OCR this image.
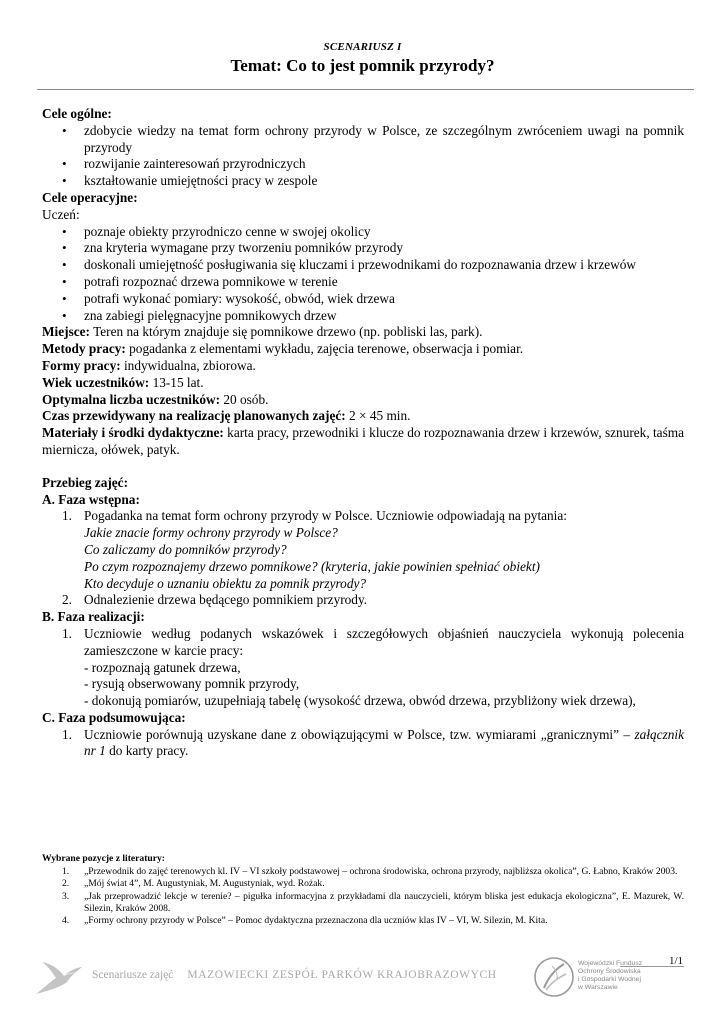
SCENARIUSZ I
Temat: Co to jest pomnik przyrody?

Cele ogólne:

• zdobycie wiedzy na temat form ochrony przyrody w Polsce, ze szczególnym zwróceniem uwagi na pomnik przyrody
• rozwijanie zainteresowań przyrodniczych
• kształtowanie umiejętności pracy w zespole

Cele operacyjne:

Uczeń:

• poznaje obiekty przyrodniczo cenne w swojej okolicy
• zna kryteria wymagane przy tworzeniu pomników przyrody
• doskonali umiejętność posługiwania się kluczami i przewodnikami do rozpoznawania drzew i krzewów
• potrafi rozpoznać drzewa pomnikowe w terenie
• potrafi wykonać pomiary: wysokość, obwód, wiek drzewa
• zna zabiegi pielęgnacyjne pomnikowych drzew

Miejsce: Teren na którym znajduje się pomnikowe drzewo (np. pobliski las, park).

Metody pracy: pogadanka z elementami wykładu, zajęcia terenowe, obserwacja i pomiar.

Formy pracy: indywidualna, zbiorowa.

Wiek uczestników: 13-15 lat.

Optymalna liczba uczestników: 20 osób.

Czas przewidywany na realizację planowanych zajęć: 2 × 45 min.

Materiały i środki dydaktyczne: karta pracy, przewodniki i klucze do rozpoznawania drzew i krzewów, sznurek, taśma miernicza, ołówek, patyk.

Przebieg zajęć:

A. Faza wstępna:

1. Pogadanka na temat form ochrony przyrody w Polsce. Uczniowie odpowiadają na pytania:

Jakie znacie formy ochrony przyrody w Polsce?

Co zaliczamy do pomników przyrody?

Po czym rozpoznajemy drzewo pomnikowe? (kryteria, jakie powinien spełniać obiekt)

Kto decyduje o uznaniu obiektu za pomnik przyrody?

2. Odnalezienie drzewa będącego pomnikiem przyrody.

B. Faza realizacji:

1. Uczniowie według podanych wskazówek i szczegółowych objaśnień nauczyciela wykonują polecenia zamieszczone w karcie pracy:

- rozpoznają gatunek drzewa,

- rysują obserwowany pomnik przyrody,

- dokonują pomiarów, uzupełniają tabelę (wysokość drzewa, obwód drzewa, przybliżony wiek drzewa),

C. Faza podsumowująca:

1. Uczniowie porównują uzyskane dane z obowiązującymi w Polsce, tzw. wymiarami „granicznymi” – załącznik nr 1 do karty pracy.
Wybrane pozycje z literatury:
1. „Przewodnik do zajęć terenowych kl. IV – VI szkoły podstawowej – ochrona środowiska, ochrona przyrody, najbliższa okolica”, G. Łabno, Kraków 2003.
2. „Mój świat 4”, M. Augustyniak, M. Augustyniak, wyd. Rożak.
3. „Jak przeprowadzić lekcje w terenie? – pigułka informacyjna z przykładami dla nauczycieli, którym bliska jest edukacja ekologiczna”, E. Mazurek, W. Silezin, Kraków 2008.
4. „Formy ochrony przyrody w Polsce” – Pomoc dydaktyczna przeznaczona dla uczniów klas IV – VI, W. Silezin, M. Kita.
1/1
Scenariusze zajęć MAZOWIECKI ZESPÓŁ PARKÓW KRAJOBRAZOWYCH
Wojewódzki Fundusz
Ochrony Środowiska
i Gospodarki Wodnej
w Warszawie
